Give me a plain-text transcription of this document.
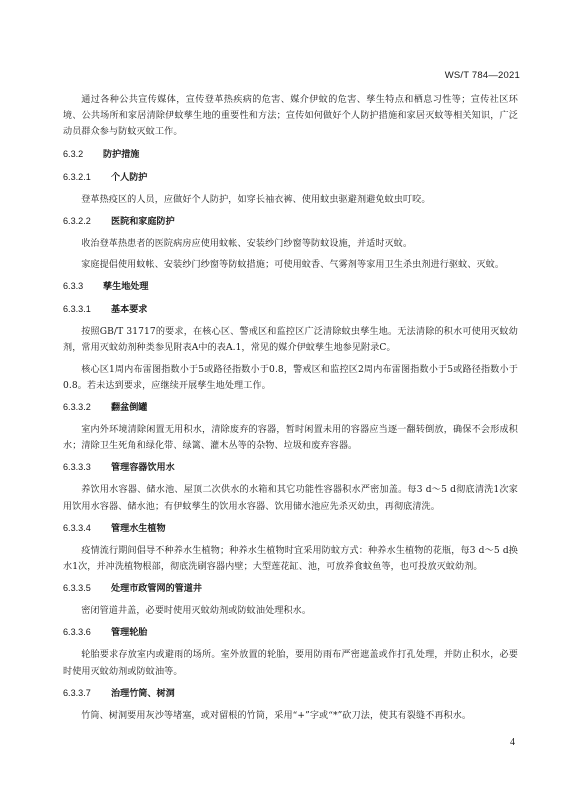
WS/T 784—2021

通过各种公共宣传媒体，宣传登革热疾病的危害、媒介伊蚊的危害、孳生特点和栖息习性等；宣传社区环境、公共场所和家居清除伊蚊孳生地的重要性和方法；宣传如何做好个人防护措施和家居灭蚊等相关知识，广泛动员群众参与防蚊灭蚊工作。

6.3.2 防护措施
6.3.2.1 个人防护

登革热疫区的人员，应做好个人防护，如穿长袖衣裤、使用蚊虫驱避剂避免蚊虫叮咬。

6.3.2.2 医院和家庭防护

收治登革热患者的医院病房应使用蚊帐、安装纱门纱窗等防蚊设施，并适时灭蚊。

家庭提倡使用蚊帐、安装纱门纱窗等防蚊措施；可使用蚊香、气雾剂等家用卫生杀虫剂进行驱蚊、灭蚊。

6.3.3 孳生地处理
6.3.3.1 基本要求

按照GB/T 31717的要求，在核心区、警戒区和监控区广泛清除蚊虫孳生地。无法清除的积水可使用灭蚊幼剂，常用灭蚊幼剂种类参见附表A中的表A.1，常见的媒介伊蚊孳生地参见附录C。

核心区1周内布雷图指数小于5或路径指数小于0.8，警戒区和监控区2周内布雷图指数小于5或路径指数小于0.8。若未达到要求，应继续开展孳生地处理工作。

6.3.3.2 翻盆倒罐

室内外环境清除闲置无用积水，清除废弃的容器，暂时闲置未用的容器应当逐一翻转倒放，确保不会形成积水；清除卫生死角和绿化带、绿篱、灌木丛等的杂物、垃圾和废弃容器。

6.3.3.3 管理容器饮用水

养饮用水容器、储水池、屋顶二次供水的水箱和其它功能性容器积水严密加盖。每3 d～5 d彻底清洗1次家用饮用水容器、储水池；有伊蚊孳生的饮用水容器、饮用储水池应先杀灭幼虫，再彻底清洗。

6.3.3.4 管理水生植物

疫情流行期间倡导不种养水生植物；种养水生植物时宜采用防蚊方式：种养水生植物的花瓶，每3 d～5 d换水1次，并冲洗植物根部，彻底洗刷容器内壁；大型莲花缸、池，可放养食蚊鱼等，也可投放灭蚊幼剂。

6.3.3.5 处理市政管网的管道井

密闭管道井盖，必要时使用灭蚊幼剂或防蚊油处理积水。

6.3.3.6 管理轮胎

轮胎要求存放室内或避雨的场所。室外放置的轮胎，要用防雨布严密遮盖或作打孔处理，并防止积水，必要时使用灭蚊幼剂或防蚊油等。

6.3.3.7 治理竹筒、树洞

竹筒、树洞要用灰沙等堵塞，或对留根的竹筒，采用“+”字或“*”砍刀法，使其有裂缝不再积水。

4
